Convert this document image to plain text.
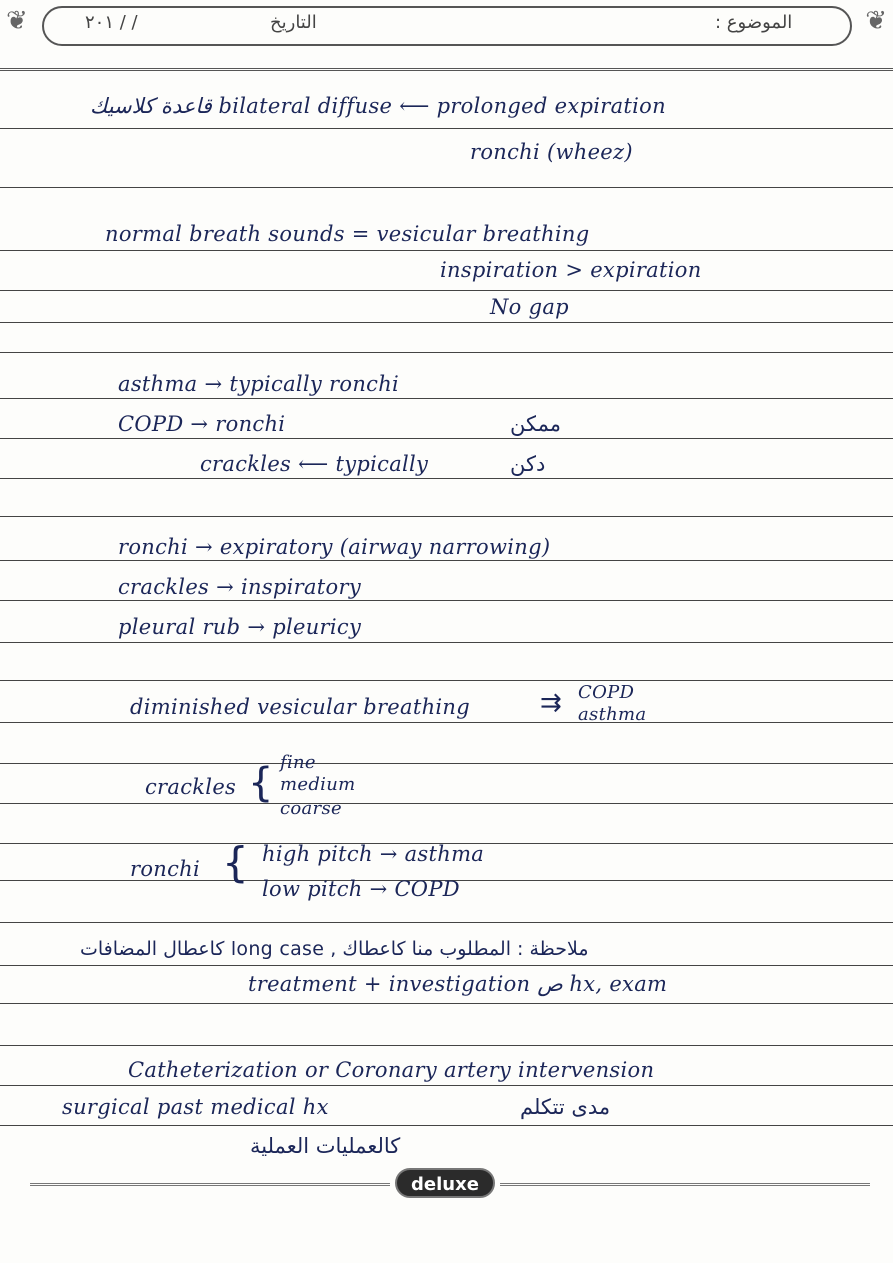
❦	❦
الموضوع :
التاريخ
٢٠١ / /
قاعدة كلاسيك bilateral diffuse ⟵ prolonged expiration
ronchi (wheez)
normal breath sounds = vesicular breathing
inspiration > expiration
No gap
asthma → typically ronchi
COPD → ronchi	ممكن
crackles ⟵ typically	دكن
ronchi → expiratory (airway narrowing)
crackles → inspiratory
pleural rub → pleuricy
diminished vesicular breathing	⇉ COPD
asthma
crackles { fine
medium
coarse
ronchi { high pitch → asthma
low pitch → COPD
ملاحظة : المطلوب منا كاعطاك , long case كاعطال المضافات
treatment + investigation ص hx, exam
Catheterization or Coronary artery intervension
surgical past medical hx	مدى تتكلم
كالعمليات العملية
deluxe
